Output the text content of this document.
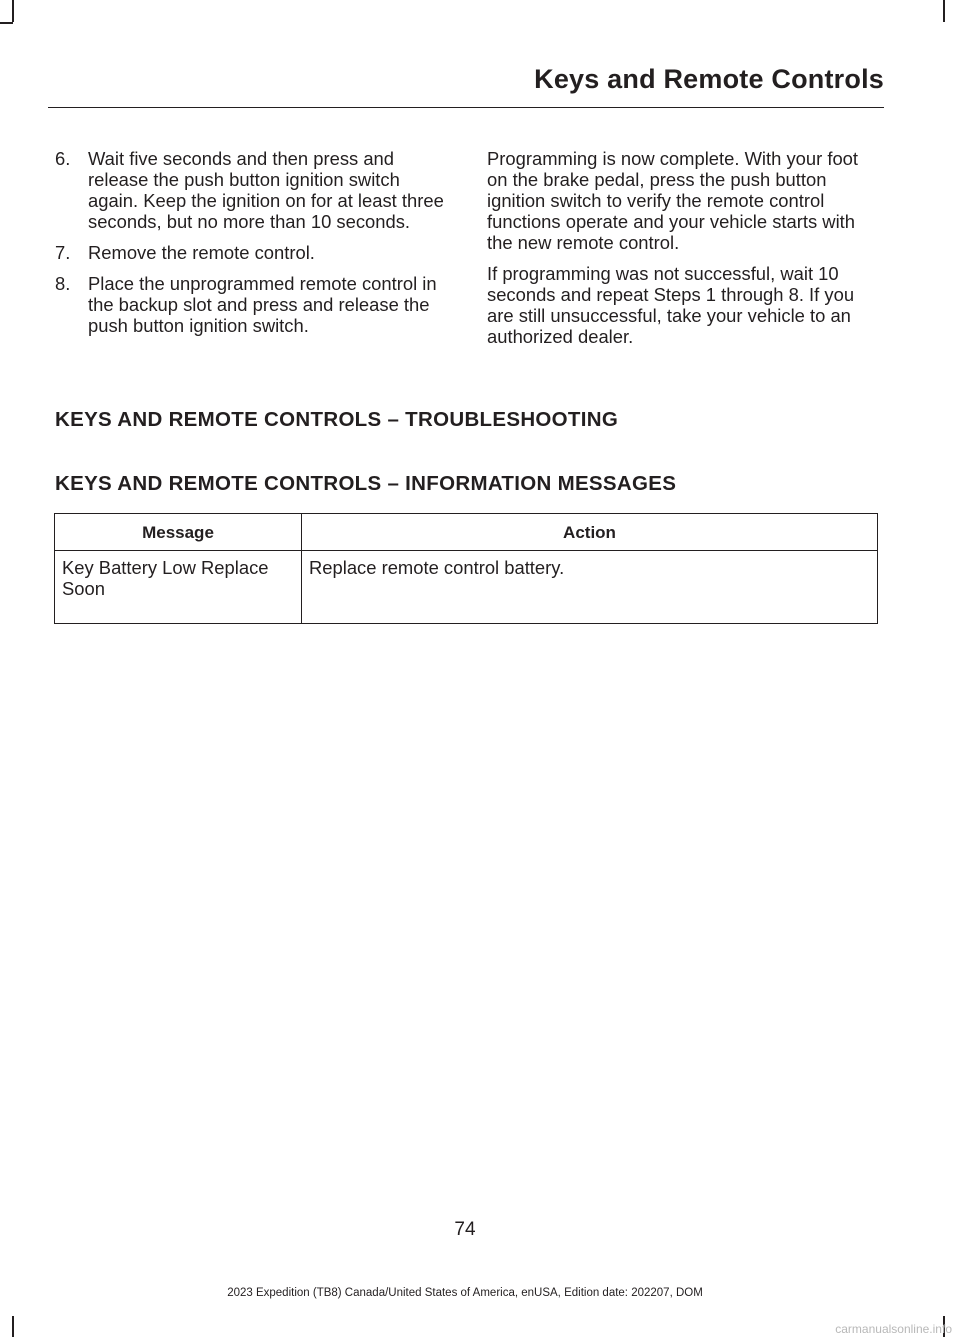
Keys and Remote Controls
6. Wait five seconds and then press and release the push button ignition switch again. Keep the ignition on for at least three seconds, but no more than 10 seconds.
7. Remove the remote control.
8. Place the unprogrammed remote control in the backup slot and press and release the push button ignition switch.

Programming is now complete. With your foot on the brake pedal, press the push button ignition switch to verify the remote control functions operate and your vehicle starts with the new remote control.

If programming was not successful, wait 10 seconds and repeat Steps 1 through 8. If you are still unsuccessful, take your vehicle to an authorized dealer.

KEYS AND REMOTE CONTROLS – TROUBLESHOOTING
KEYS AND REMOTE CONTROLS – INFORMATION MESSAGES
Message	Action
Key Battery Low Replace Soon	Replace remote control battery.
74
2023 Expedition (TB8) Canada/United States of America, enUSA, Edition date: 202207, DOM
carmanualsonline.info
